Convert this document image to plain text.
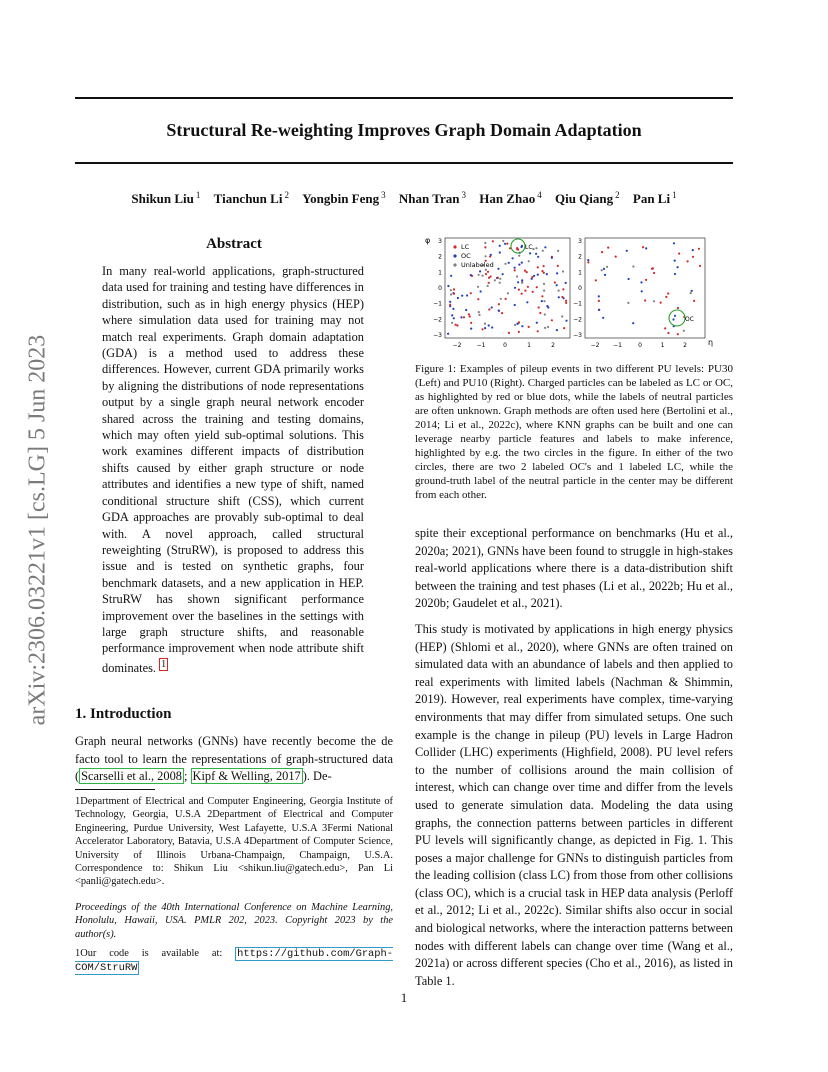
arXiv:2306.03221v1 [cs.LG] 5 Jun 2023
Structural Re-weighting Improves Graph Domain Adaptation
Shikun Liu $^1$ Tianchun Li $^2$ Yongbin Feng $^3$ Nhan Tran $^3$ Han Zhao $^4$ Qiu Qiang $^2$ Pan Li $^1$
Abstract

In many real-world applications, graph-structured data used for training and testing have differences in distribution, such as in high energy physics (HEP) where simulation data used for training may not match real experiments. Graph domain adaptation (GDA) is a method used to address these differences. However, current GDA primarily works by aligning the distributions of node representations output by a single graph neural network encoder shared across the training and testing domains, which may often yield sub-optimal solutions. This work examines different impacts of distribution shifts caused by either graph structure or node attributes and identifies a new type of shift, named conditional structure shift (CSS), which current GDA approaches are provably sub-optimal to deal with. A novel approach, called structural reweighting (StruRW), is proposed to address this issue and is tested on synthetic graphs, four benchmark datasets, and a new application in HEP. StruRW has shown significant performance improvement over the baselines in the settings with large graph structure shifts, and reasonable performance improvement when node attribute shift dominates. $^1$

1. Introduction

Graph neural networks (GNNs) have recently become the de facto tool to learn the representations of graph-structured data ( Scarselli et al., 2008 ; Kipf & Welling, 2017 ). De-

1Department of Electrical and Computer Engineering, Georgia Institute of Technology, Georgia, U.S.A 2Department of Electrical and Computer Engineering, Purdue University, West Lafayette, U.S.A 3Fermi National Accelerator Laboratory, Batavia, U.S.A 4Department of Computer Science, University of Illinois Urbana-Champaign, Champaign, U.S.A. Correspondence to: Shikun Liu <shikun.liu@gatech.edu>, Pan Li <panli@gatech.edu>.

Proceedings of the 40th International Conference on Machine Learning, Honolulu, Hawaii, USA. PMLR 202, 2023. Copyright 2023 by the author(s).

1Our code is available at: https://github.com/Graph-COM/StruRW

3
2
1
0
−1
−2
−3
−2	−1	0	1	2
LC
LC
OC
Unlabeled
φ	3
2
1
0
−1
−2
−3
−2 −1	0	1	2
OC
η

Figure 1: Examples of pileup events in two different PU levels: PU30 (Left) and PU10 (Right). Charged particles can be labeled as LC or OC, as highlighted by red or blue dots, while the labels of neutral particles are often unknown. Graph methods are often used here (Bertolini et al., 2014; Li et al., 2022c), where KNN graphs can be built and one can leverage nearby particle features and labels to make inference, highlighted by e.g. the two circles in the figure. In either of the two circles, there are two 2 labeled OC's and 1 labeled LC, while the ground-truth label of the neutral particle in the center may be different from each other.

spite their exceptional performance on benchmarks (Hu et al., 2020a; 2021), GNNs have been found to struggle in high-stakes real-world applications where there is a data-distribution shift between the training and test phases (Li et al., 2022b; Hu et al., 2020b; Gaudelet et al., 2021).

This study is motivated by applications in high energy physics (HEP) (Shlomi et al., 2020), where GNNs are often trained on simulated data with an abundance of labels and then applied to real experiments with limited labels (Nachman & Shimmin, 2019). However, real experiments have complex, time-varying environments that may differ from simulated setups. One such example is the change in pileup (PU) levels in Large Hadron Collider (LHC) experiments (Highfield, 2008). PU level refers to the number of collisions around the main collision of interest, which can change over time and differ from the levels used to generate simulation data. Modeling the data using graphs, the connection patterns between particles in different PU levels will significantly change, as depicted in Fig. 1. This poses a major challenge for GNNs to distinguish particles from the leading collision (class LC) from those from other collisions (class OC), which is a crucial task in HEP data analysis (Perloff et al., 2012; Li et al., 2022c). Similar shifts also occur in social and biological networks, where the interaction patterns between nodes with different labels can change over time (Wang et al., 2021a) or across different species (Cho et al., 2016), as listed in Table 1.

1
